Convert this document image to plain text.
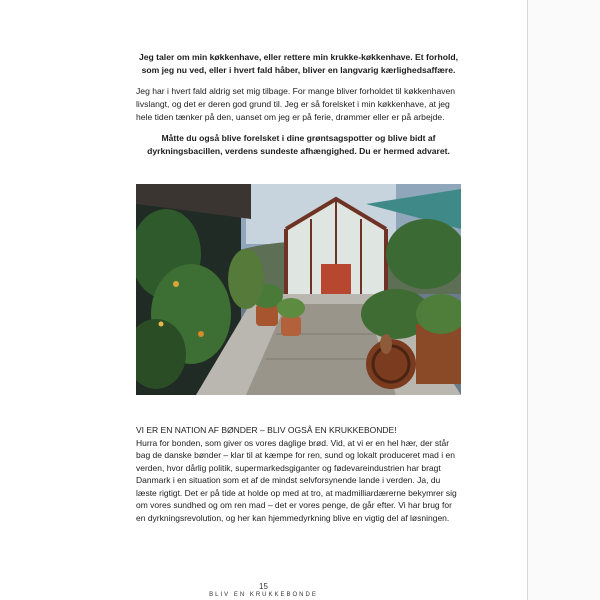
Jeg taler om min køkkenhave, eller rettere min krukke-køkkenhave. Et forhold, som jeg nu ved, eller i hvert fald håber, bliver en langvarig kærlighedsaffære.

Jeg har i hvert fald aldrig set mig tilbage. For mange bliver forholdet til køkkenhaven livslangt, og det er deren god grund til. Jeg er så forelsket i min køkkenhave, at jeg hele tiden tænker på den, uanset om jeg er på ferie, drømmer eller er på arbejde.

Måtte du også blive forelsket i dine grøntsagspotter og blive bidt af dyrkningsbacillen, verdens sundeste afhængighed. Du er hermed advaret.

VI ER EN NATION AF BØNDER – BLIV OGSÅ EN KRUKKEBONDE!

Hurra for bonden, som giver os vores daglige brød. Vid, at vi er en hel hær, der står bag de danske bønder – klar til at kæmpe for ren, sund og lokalt produceret mad i en verden, hvor dårlig politik, supermarkedsgiganter og fødevareindustrien har bragt Danmark i en situation som et af de mindst selvforsynende lande i verden. Ja, du læste rigtigt. Det er på tide at holde op med at tro, at madmilliardærerne bekymrer sig om vores sundhed og om ren mad – det er vores penge, de går efter. Vi har brug for en dyrkningsrevolution, og her kan hjemmedyrkning blive en vigtig del af løsningen.

15
BLIV EN KRUKKEBONDE
